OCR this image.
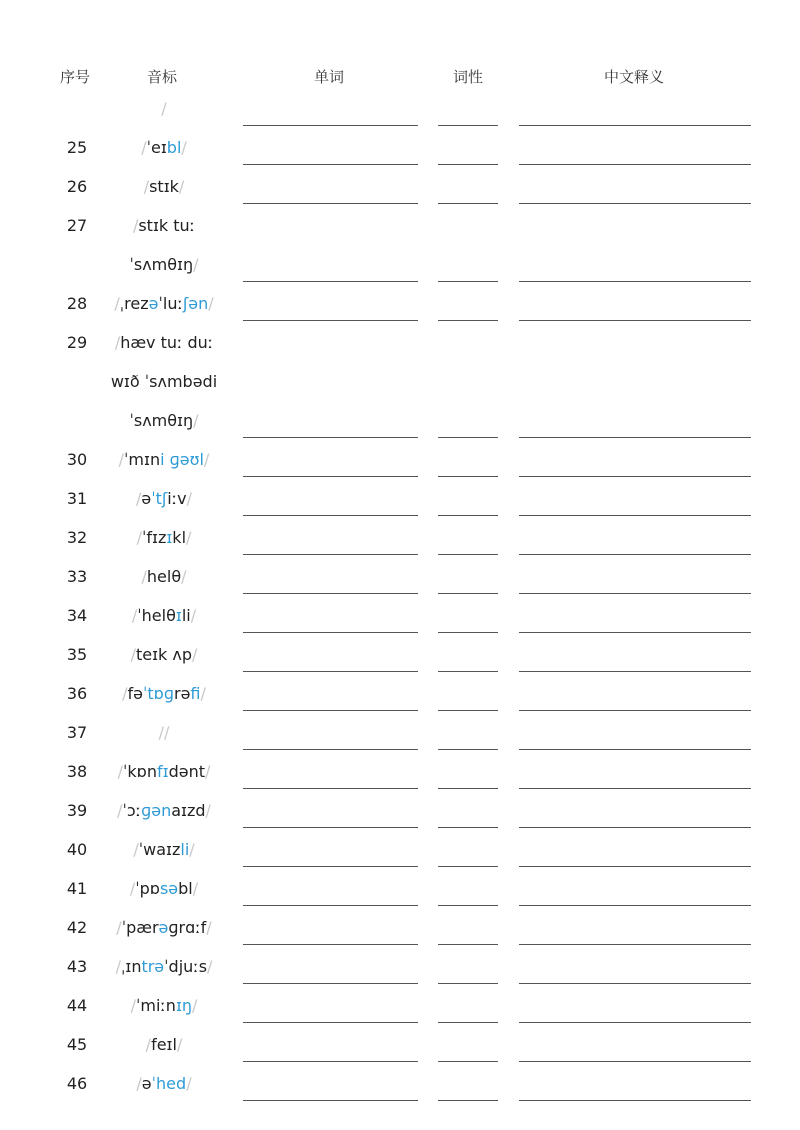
序号	音标	单词	词性	中文释义
/
25	/ˈeɪbl/
26	/stɪk/
27	/stɪk tuː
ˈsʌmθɪŋ/
28	/ˌrezəˈluːʃən/
29	/hæv tuː duː
wɪð ˈsʌmbədi
ˈsʌmθɪŋ/
30	/ˈmɪni ɡəʊl/
31	/əˈtʃiːv/
32	/ˈfɪzɪkl/
33	/helθ/
34	/ˈhelθɪli/
35	/teɪk ʌp/
36	/fəˈtɒɡrəfi/
37	//
38	/ˈkɒnfɪdənt/
39	/ˈɔːɡənaɪzd/
40	/ˈwaɪzli/
41	/ˈpɒsəbl/
42	/ˈpærəɡrɑːf/
43	/ˌɪntrəˈdjuːs/
44	/ˈmiːnɪŋ/
45	/feɪl/
46	/əˈhed/
